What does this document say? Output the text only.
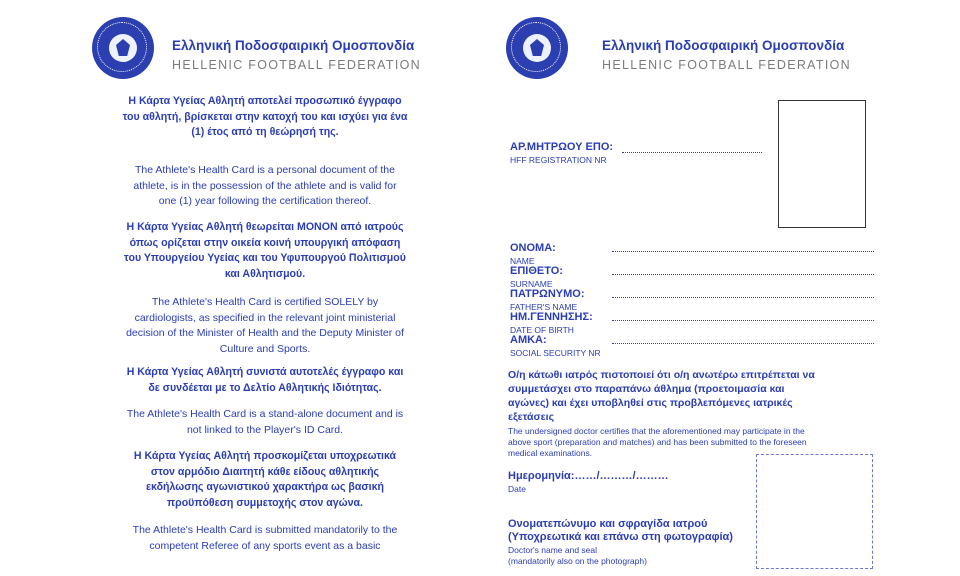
Ελληνική Ποδοσφαιρική Ομοσπονδία
HELLENIC FOOTBALL FEDERATION
Η Κάρτα Υγείας Αθλητή αποτελεί προσωπικό έγγραφο
του αθλητή, βρίσκεται στην κατοχή του και ισχύει για ένα
(1) έτος από τη θεώρησή της.
The Athlete's Health Card is a personal document of the
athlete, is in the possession of the athlete and is valid for
one (1) year following the certification thereof.
Η Κάρτα Υγείας Αθλητή θεωρείται ΜΟΝΟΝ από ιατρούς
όπως ορίζεται στην οικεία κοινή υπουργική απόφαση
του Υπουργείου Υγείας και του Υφυπουργού Πολιτισμού
και Αθλητισμού.
The Athlete's Health Card is certified SOLELY by
cardiologists, as specified in the relevant joint ministerial
decision of the Minister of Health and the Deputy Minister of
Culture and Sports.
Η Κάρτα Υγείας Αθλητή συνιστά αυτοτελές έγγραφο και
δε συνδέεται με το Δελτίο Αθλητικής Ιδιότητας.
The Athlete's Health Card is a stand-alone document and is
not linked to the Player's ID Card.
Η Κάρτα Υγείας Αθλητή προσκομίζεται υποχρεωτικά
στον αρμόδιο Διαιτητή κάθε είδους αθλητικής
εκδήλωσης αγωνιστικού χαρακτήρα ως βασική
προϋπόθεση συμμετοχής στον αγώνα.
The Athlete's Health Card is submitted mandatorily to the
competent Referee of any sports event as a basic
Ελληνική Ποδοσφαιρική Ομοσπονδία
HELLENIC FOOTBALL FEDERATION
ΑΡ.ΜΗΤΡΩΟΥ ΕΠΟ:
HFF REGISTRATION NR
ΟΝΟΜΑ:
NAME
ΕΠΙΘΕΤΟ:
SURNAME
ΠΑΤΡΩΝΥΜΟ:
FATHER'S NAME
ΗΜ.ΓΕΝΝΗΣΗΣ:
DATE OF BIRTH
ΑΜΚΑ:
SOCIAL SECURITY NR
Ο/η κάτωθι ιατρός πιστοποιεί ότι ο/η ανωτέρω επιτρέπεται να
συμμετάσχει στο παραπάνω άθλημα (προετοιμασία και
αγώνες) και έχει υποβληθεί στις προβλεπόμενες ιατρικές
εξετάσεις
The undersigned doctor certifies that the aforementioned may participate in the
above sport (preparation and matches) and has been submitted to the foreseen
medical examinations.
Ημερομηνία:……/………/………
Date
Ονοματεπώνυμο και σφραγίδα ιατρού
(Υποχρεωτικά και επάνω στη φωτογραφία)
Doctor's name and seal
(mandatorily also on the photograph)
